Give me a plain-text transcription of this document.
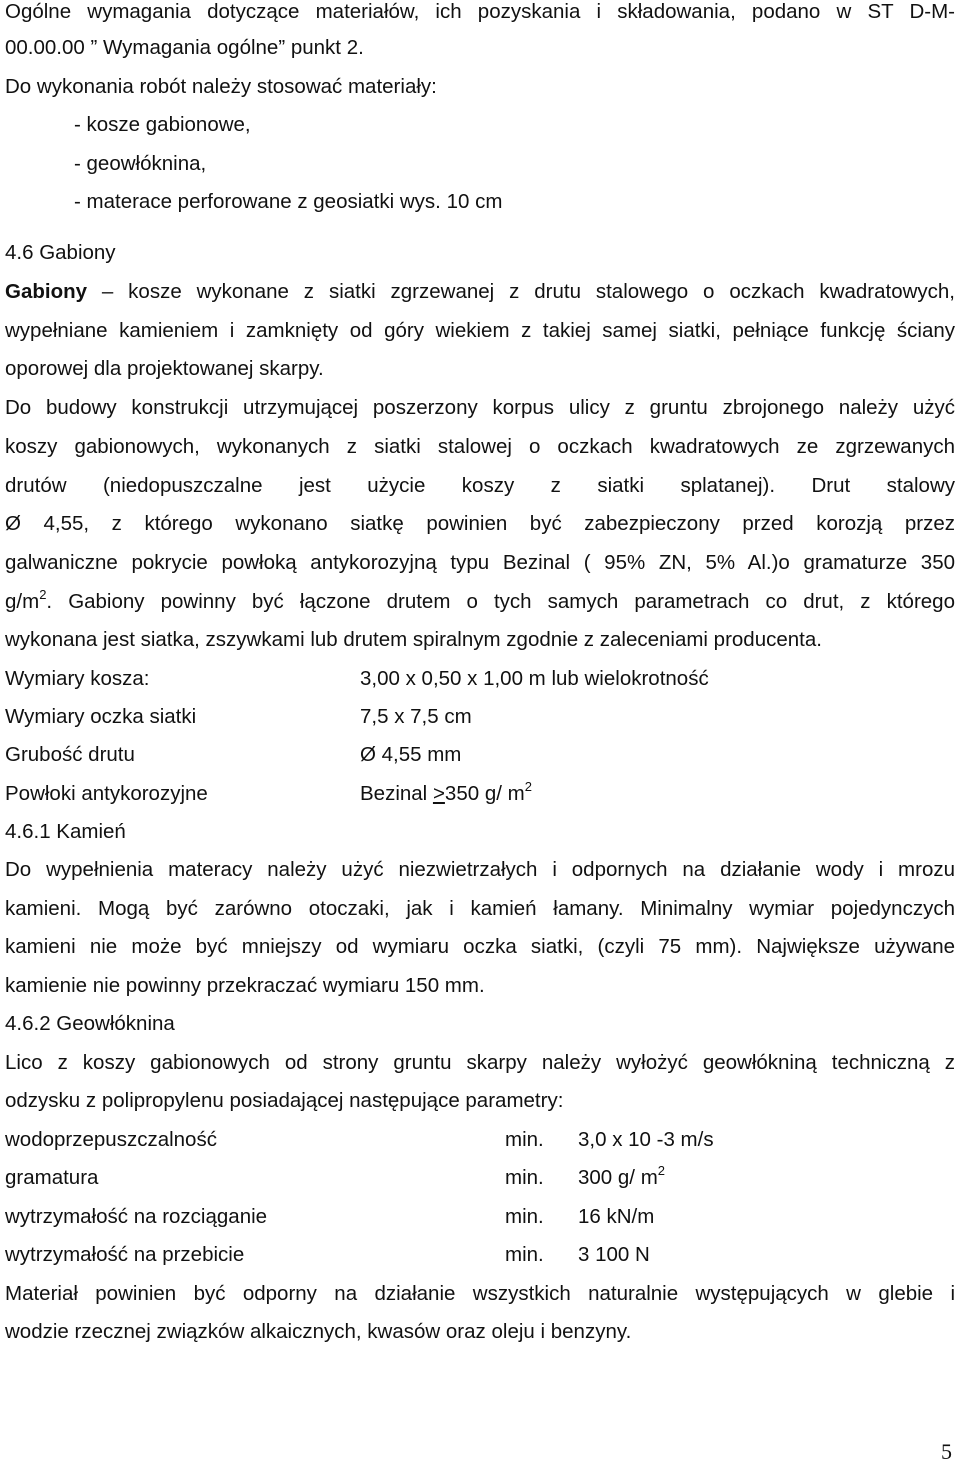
Ogólne wymagania dotyczące materiałów, ich pozyskania i składowania, podano w ST D-M-
00.00.00 ” Wymagania ogólne” punkt 2.
Do wykonania robót należy stosować materiały:
- kosze gabionowe,
- geowłóknina,
- materace perforowane z geosiatki wys. 10 cm
4.6 Gabiony
Gabiony – kosze wykonane z siatki zgrzewanej z drutu stalowego o oczkach kwadratowych,
wypełniane kamieniem i zamknięty od góry wiekiem z takiej samej siatki, pełniące funkcję ściany
oporowej dla projektowanej skarpy.
Do budowy konstrukcji utrzymującej poszerzony korpus ulicy z gruntu zbrojonego należy użyć
koszy gabionowych, wykonanych z siatki stalowej o oczkach kwadratowych ze zgrzewanych
drutów (niedopuszczalne jest użycie koszy z siatki splatanej). Drut stalowy
Ø 4,55, z którego wykonano siatkę powinien być zabezpieczony przed korozją przez
galwaniczne pokrycie powłoką antykorozyjną typu Bezinal ( 95% ZN, 5% Al.)o gramaturze 350
$g/m^2$. Gabiony powinny być łączone drutem o tych samych parametrach co drut, z którego
wykonana jest siatka, zszywkami lub drutem spiralnym zgodnie z zaleceniami producenta.
Wymiary kosza:	3,00 x 0,50 x 1,00 m lub wielokrotność
Wymiary oczka siatki	7,5 x 7,5 cm
Grubość drutu	Ø 4,55 mm
Powłoki antykorozyjne	Bezinal ≥350 g/ $m^2$
4.6.1 Kamień
Do wypełnienia materacy należy użyć niezwietrzałych i odpornych na działanie wody i mrozu
kamieni. Mogą być zarówno otoczaki, jak i kamień łamany. Minimalny wymiar pojedynczych
kamieni nie może być mniejszy od wymiaru oczka siatki, (czyli 75 mm). Największe używane
kamienie nie powinny przekraczać wymiaru 150 mm.
4.6.2 Geowłóknina
Lico z koszy gabionowych od strony gruntu skarpy należy wyłożyć geowłókniną techniczną z
odzysku z polipropylenu posiadającej następujące parametry:
wodoprzepuszczalność	min. 3,0 x 10 -3 m/s
gramatura	min. 300 g/ $m^2$
wytrzymałość na rozciąganie	min. 16 kN/m
wytrzymałość na przebicie	min. 3 100 N
Materiał powinien być odporny na działanie wszystkich naturalnie występujących w glebie i
wodzie rzecznej związków alkaicznych, kwasów oraz oleju i benzyny.
5
